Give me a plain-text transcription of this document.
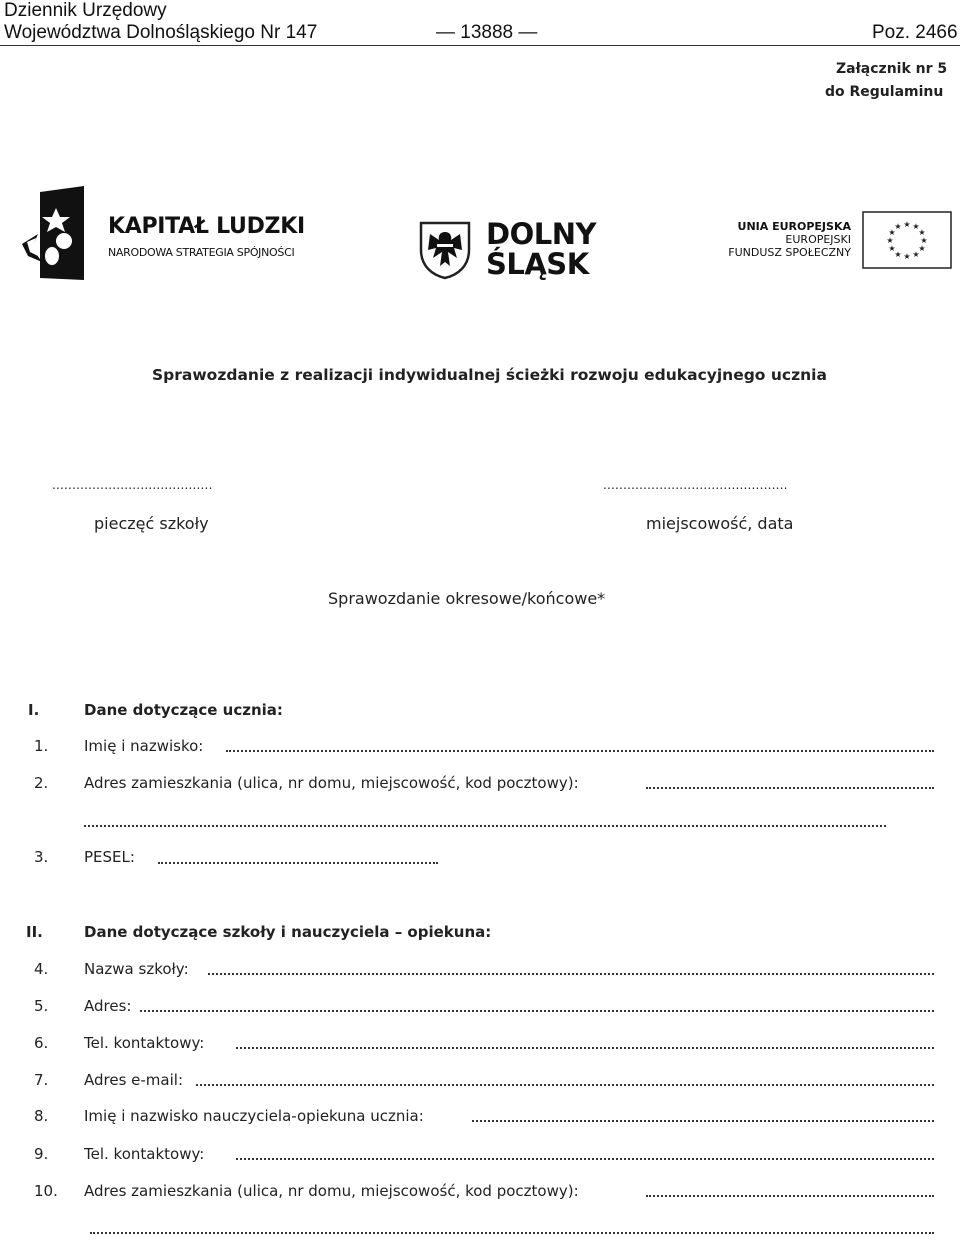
Dziennik Urzędowy
Województwa Dolnośląskiego Nr 147	— 13888 —	Poz. 2466
Załącznik nr 5
do Regulaminu
KAPITAŁ LUDZKI
NARODOWA STRATEGIA SPÓJNOŚCI
DOLNY
ŚLĄSK
UNIA EUROPEJSKA
EUROPEJSKI
FUNDUSZ SPOŁECZNY
★ ★
★
★
★
★
★
★
★
★
★
★
Sprawozdanie z realizacji indywidualnej ścieżki rozwoju edukacyjnego ucznia
........................................
pieczęć szkoły
..............................................
miejscowość, data
Sprawozdanie okresowe/końcowe*
I.	Dane dotyczące ucznia:
1.	Imię i nazwisko:
2.	Adres zamieszkania (ulica, nr domu, miejscowość, kod pocztowy):
3.	PESEL:
II.	Dane dotyczące szkoły i nauczyciela – opiekuna:
4.	Nazwa szkoły:
5.	Adres:
6.	Tel. kontaktowy:
7.	Adres e-mail:
8.	Imię i nazwisko nauczyciela-opiekuna ucznia:
9.	Tel. kontaktowy:
10.	Adres zamieszkania (ulica, nr domu, miejscowość, kod pocztowy):
